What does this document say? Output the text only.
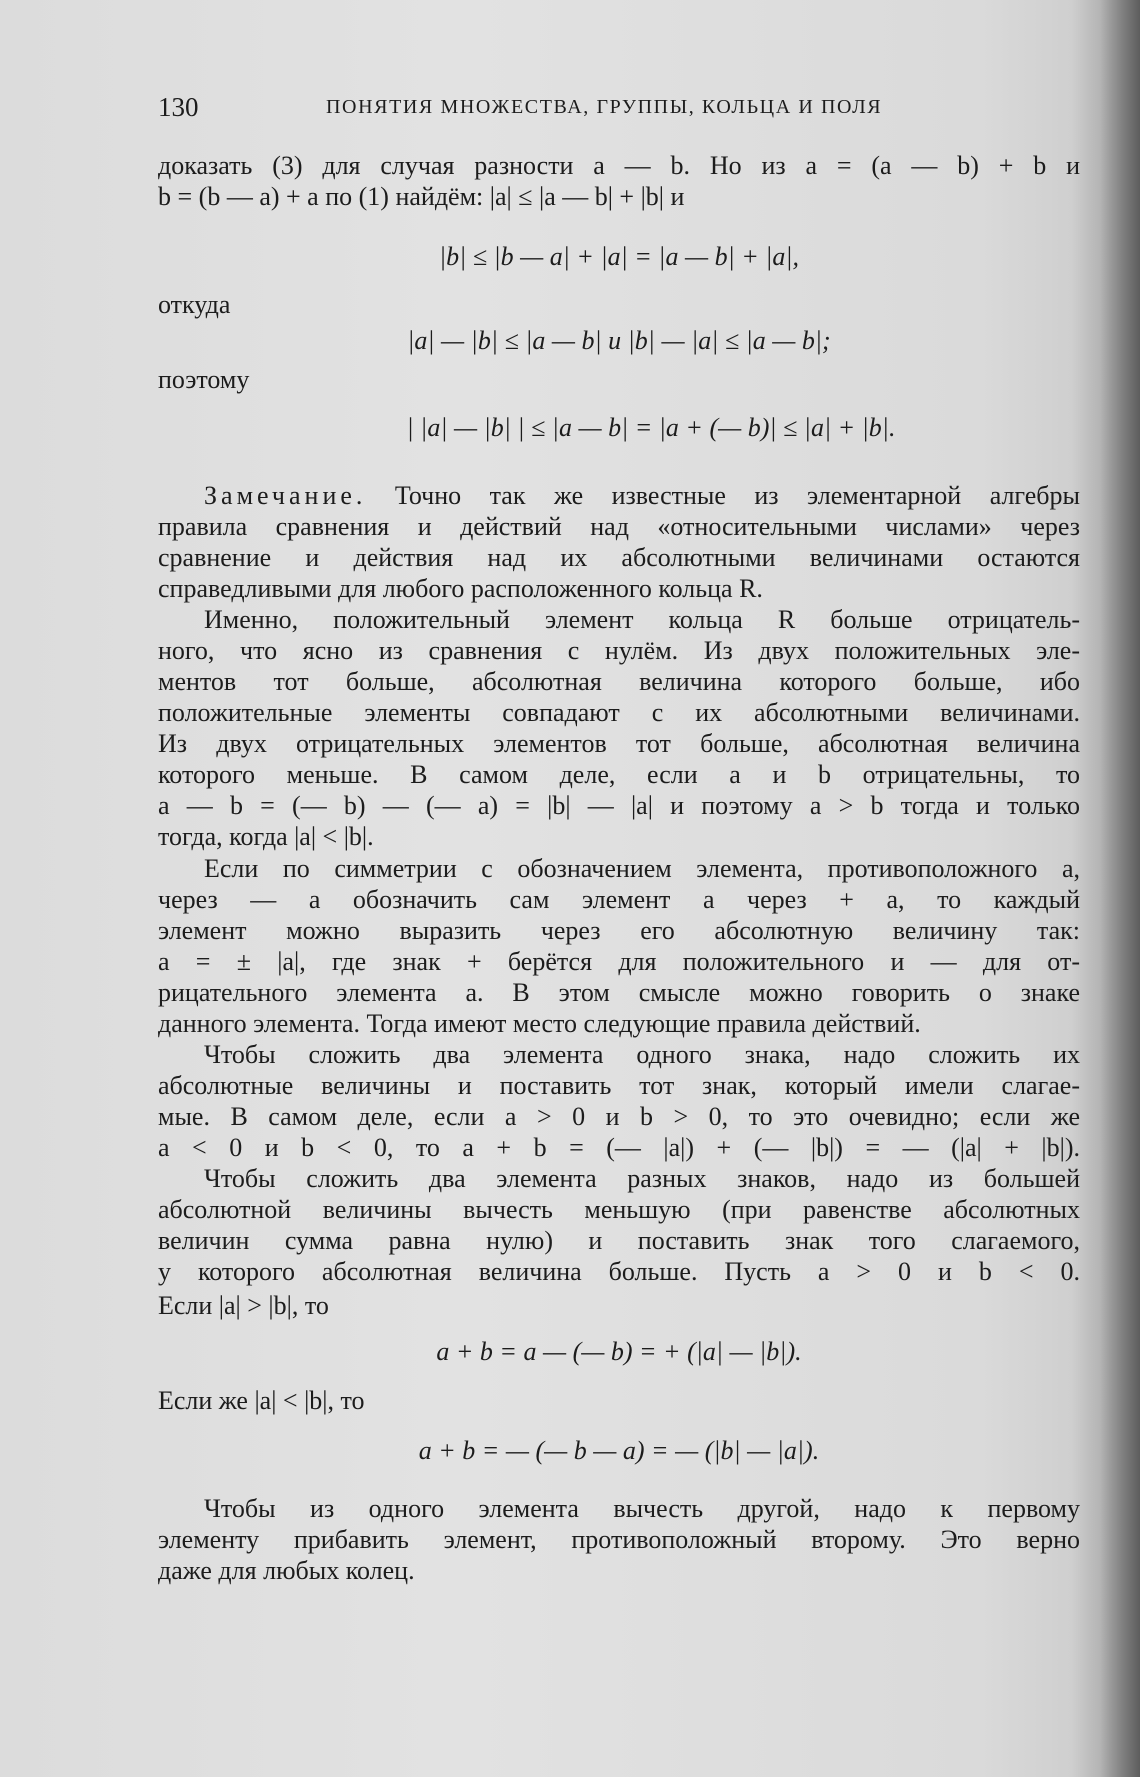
130	ПОНЯТИЯ МНОЖЕСТВА, ГРУППЫ, КОЛЬЦА И ПОЛЯ
доказать (3) для случая разности a — b. Но из a = (a — b) + b и
b = (b — a) + a по (1) найдём: |a| ≤ |a — b| + |b| и
|b| ≤ |b — a| + |a| = |a — b| + |a|,
откуда
|a| — |b| ≤ |a — b| и |b| — |a| ≤ |a — b|;
поэтому
| |a| — |b| | ≤ |a — b| = |a + (— b)| ≤ |a| + |b|.
Замечание. Точно так же известные из элементарной алгебры
правила сравнения и действий над «относительными числами» через
сравнение и действия над их абсолютными величинами остаются
справедливыми для любого расположенного кольца R.
Именно, положительный элемент кольца R больше отрицатель-
ного, что ясно из сравнения с нулём. Из двух положительных эле-
ментов тот больше, абсолютная величина которого больше, ибо
положительные элементы совпадают с их абсолютными величинами.
Из двух отрицательных элементов тот больше, абсолютная величина
которого меньше. В самом деле, если a и b отрицательны, то
a — b = (— b) — (— a) = |b| — |a| и поэтому a > b тогда и только
тогда, когда |a| < |b|.
Если по симметрии с обозначением элемента, противоположного a,
через — a обозначить сам элемент a через + a, то каждый
элемент можно выразить через его абсолютную величину так:
a = ± |a|, где знак + берётся для положительного и — для от-
рицательного элемента a. В этом смысле можно говорить о знаке
данного элемента. Тогда имеют место следующие правила действий.
Чтобы сложить два элемента одного знака, надо сложить их
абсолютные величины и поставить тот знак, который имели слагае-
мые. В самом деле, если a > 0 и b > 0, то это очевидно; если же
a < 0 и b < 0, то a + b = (— |a|) + (— |b|) = — (|a| + |b|).
Чтобы сложить два элемента разных знаков, надо из большей
абсолютной величины вычесть меньшую (при равенстве абсолютных
величин сумма равна нулю) и поставить знак того слагаемого,
у которого абсолютная величина больше. Пусть a > 0 и b < 0.
Если |a| > |b|, то
a + b = a — (— b) = + (|a| — |b|).
Если же |a| < |b|, то
a + b = — (— b — a) = — (|b| — |a|).
Чтобы из одного элемента вычесть другой, надо к первому
элементу прибавить элемент, противоположный второму. Это верно
даже для любых колец.
